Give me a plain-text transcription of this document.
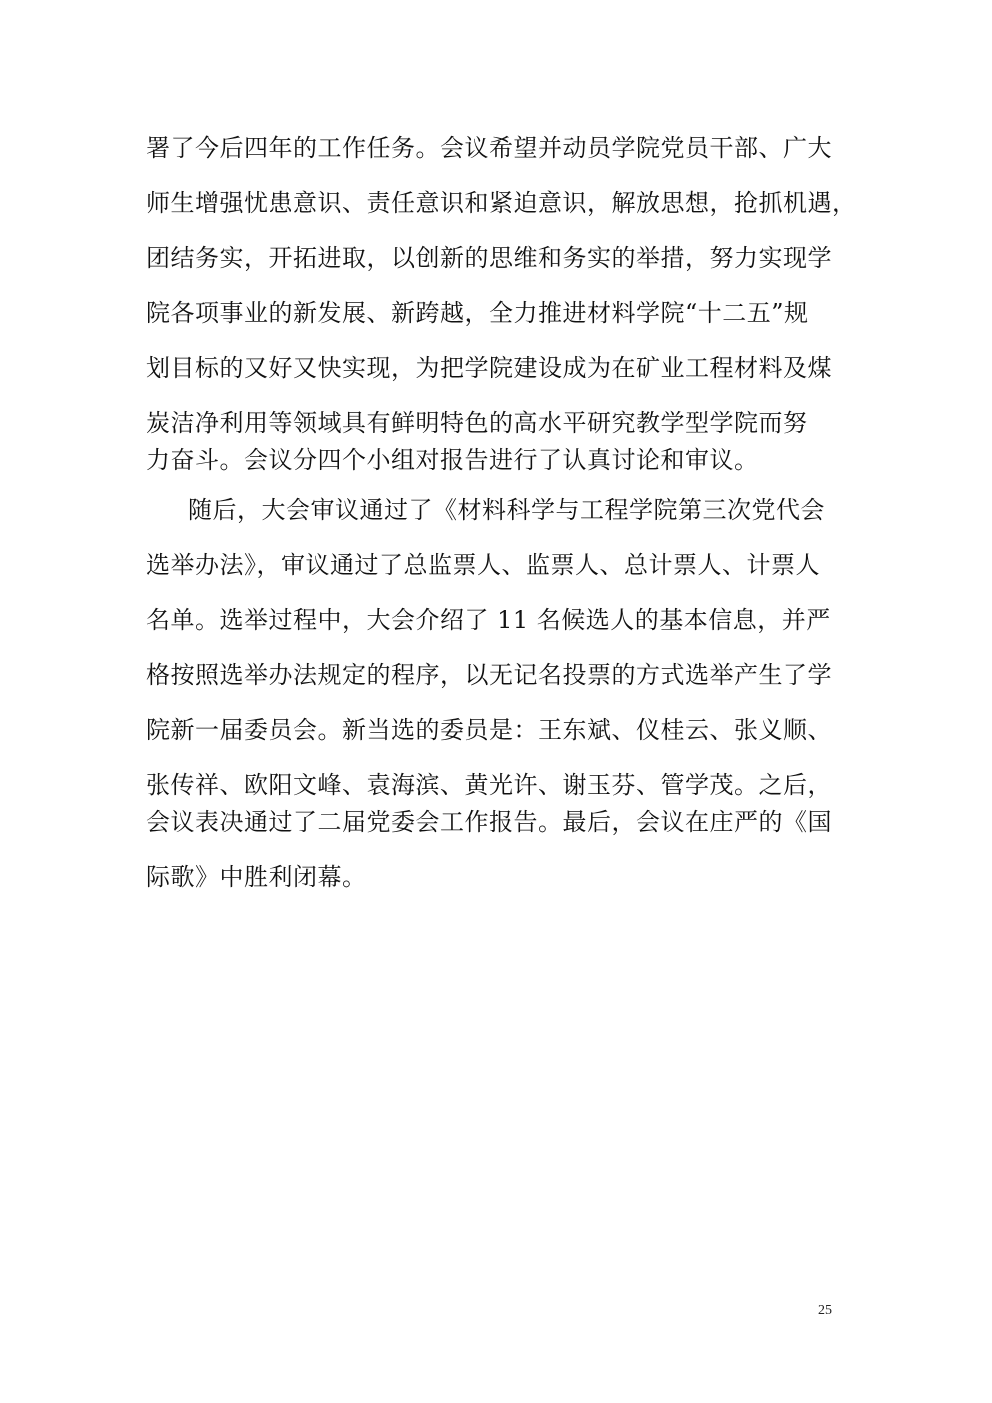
署了今后四年的工作任务。会议希望并动员学院党员干部、广大
师生增强忧患意识、责任意识和紧迫意识，解放思想，抢抓机遇，
团结务实，开拓进取，以创新的思维和务实的举措，努力实现学
院各项事业的新发展、新跨越，全力推进材料学院“十二五”规
划目标的又好又快实现，为把学院建设成为在矿业工程材料及煤
炭洁净利用等领域具有鲜明特色的高水平研究教学型学院而努
力奋斗。会议分四个小组对报告进行了认真讨论和审议。
随后，大会审议通过了《材料科学与工程学院第三次党代会
选举办法》，审议通过了总监票人、监票人、总计票人、计票人
名单。选举过程中，大会介绍了 11 名候选人的基本信息，并严
格按照选举办法规定的程序，以无记名投票的方式选举产生了学
院新一届委员会。新当选的委员是：王东斌、仪桂云、张义顺、
张传祥、欧阳文峰、袁海滨、黄光许、谢玉芬、管学茂。之后，
会议表决通过了二届党委会工作报告。最后，会议在庄严的《国
际歌》中胜利闭幕。
25
